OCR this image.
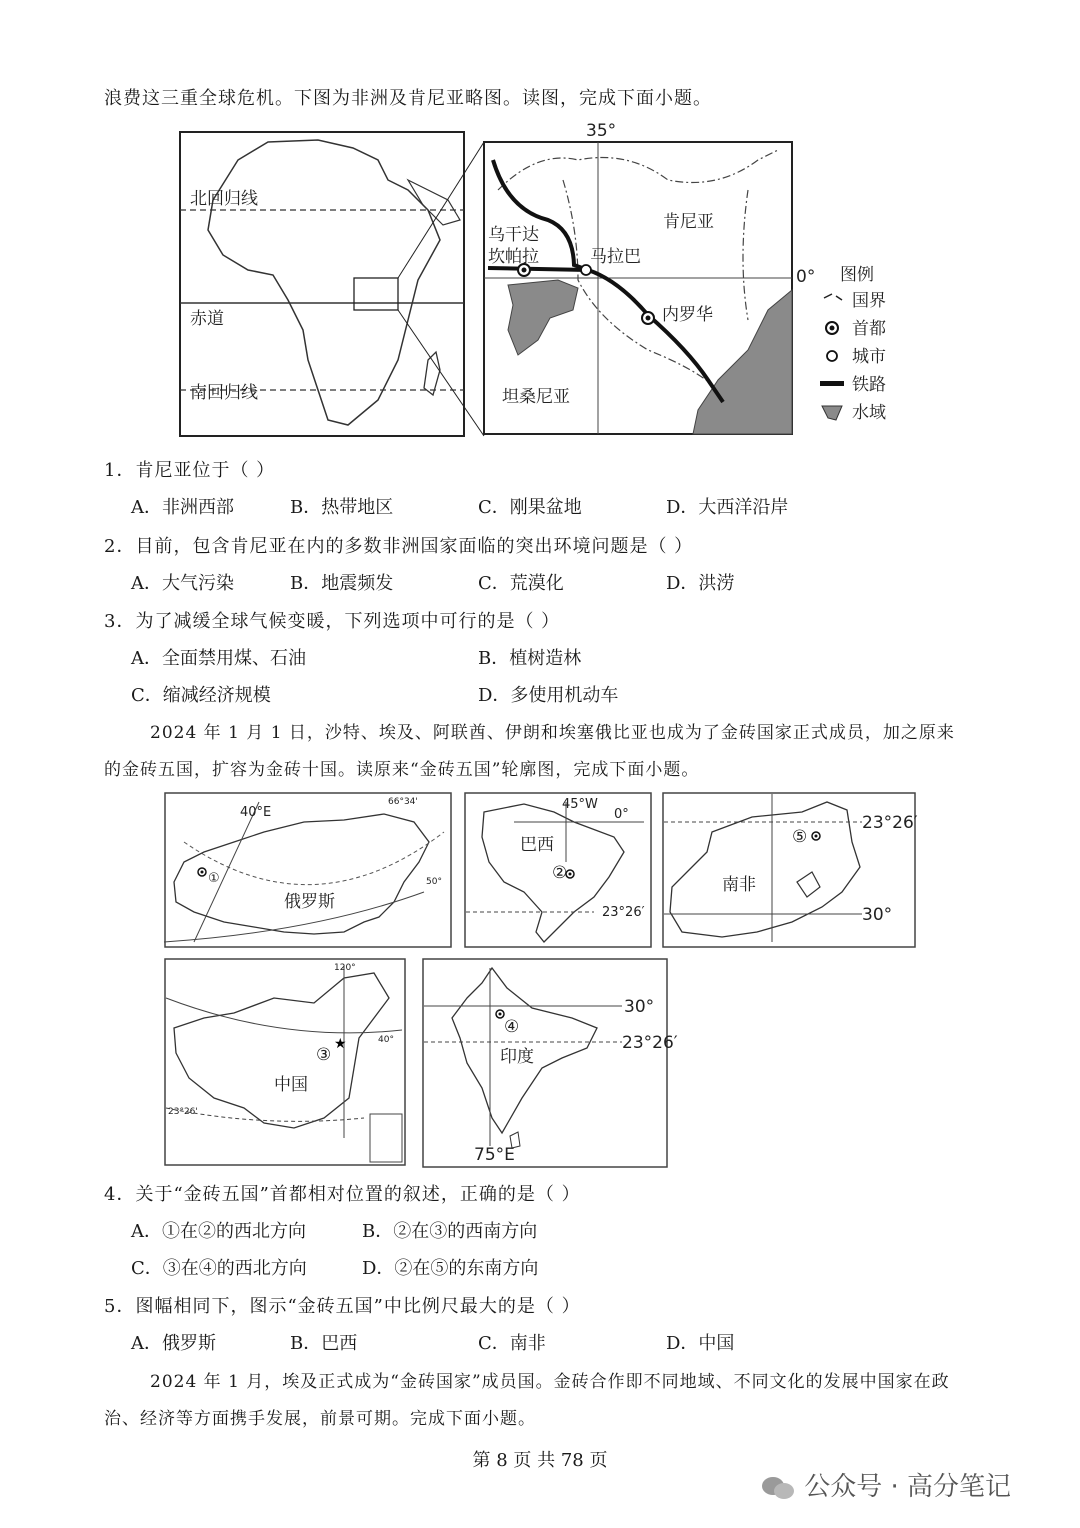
浪费这三重全球危机。下图为非洲及肯尼亚略图。读图，完成下面小题。
北回归线
赤道
南回归线
35°
0°
乌干达
坎帕拉	马拉巴
肯尼亚
内罗华
坦桑尼亚
图例
国界
首都
城市
铁路
水域
1．肯尼亚位于（ ）
A．非洲西部	B．热带地区	C．刚果盆地	D．大西洋沿岸
2．目前，包含肯尼亚在内的多数非洲国家面临的突出环境问题是（ ）
A．大气污染	B．地震频发	C．荒漠化	D．洪涝
3．为了减缓全球气候变暖，下列选项中可行的是（ ）
A．全面禁用煤、石油	B．植树造林
C．缩减经济规模	D．多使用机动车
2024 年 1 月 1 日，沙特、埃及、阿联酋、伊朗和埃塞俄比亚也成为了金砖国家正式成员，加之原来
的金砖五国，扩容为金砖十国。读原来“金砖五国”轮廓图，完成下面小题。
①
40°E
66°34'
50°
俄罗斯
②
45°W
0°
23°26′
巴西	⑤
23°26′
30°
南非
★
③
120°
40°
23°26'
中国
④
30°
23°26′
75°E
印度
4．关于“金砖五国”首都相对位置的叙述，正确的是（ ）
A．①在②的西北方向	B．②在③的西南方向
C．③在④的西北方向	D．②在⑤的东南方向
5．图幅相同下，图示“金砖五国”中比例尺最大的是（ ）
A．俄罗斯	B．巴西	C．南非	D．中国
2024 年 1 月，埃及正式成为“金砖国家”成员国。金砖合作即不同地域、不同文化的发展中国家在政
治、经济等方面携手发展，前景可期。完成下面小题。
第 8 页 共 78 页
公众号 · 高分笔记
